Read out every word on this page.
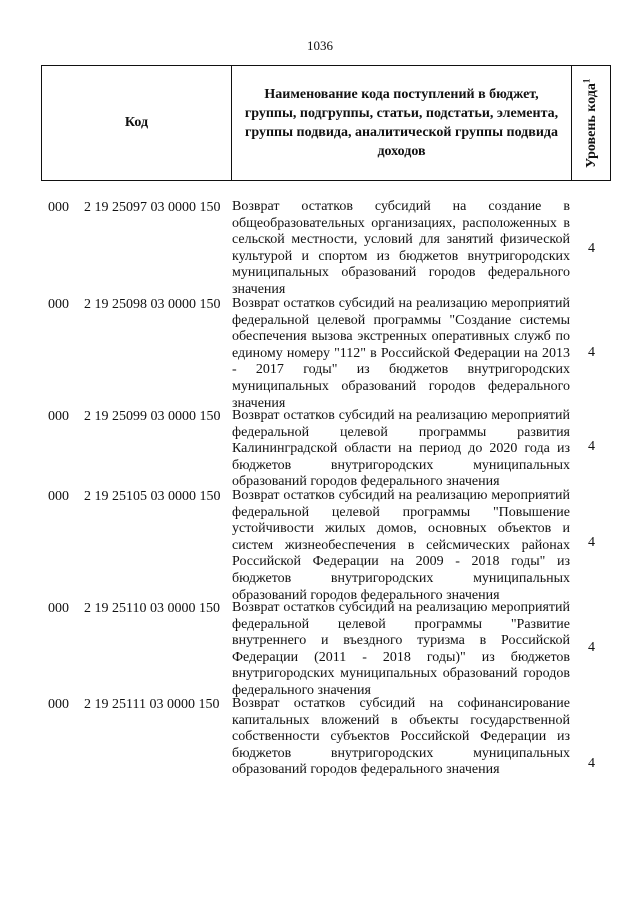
1036
Код
Наименование кода поступлений в бюджет, группы, подгруппы, статьи, подстатьи, элемента, группы подвида, аналитической группы подвида доходов	Уровень кода$^1$
000 2 19 25097 03 0000 150 Возврат остатков субсидий на создание в общеобразовательных организациях, расположенных в сельской местности, условий для занятий физической культурой и спортом из бюджетов внутригородских муниципальных образований городов федерального значения
4
000 2 19 25098 03 0000 150 Возврат остатков субсидий на реализацию мероприятий федеральной целевой программы "Создание системы обеспечения вызова экстренных оперативных служб по единому номеру "112" в Российской Федерации на 2013 - 2017 годы" из бюджетов внутригородских муниципальных образований городов федерального значения
4
000 2 19 25099 03 0000 150 Возврат остатков субсидий на реализацию мероприятий федеральной целевой программы развития Калининградской области на период до 2020 года из бюджетов внутригородских муниципальных образований городов федерального значения
4
000 2 19 25105 03 0000 150 Возврат остатков субсидий на реализацию мероприятий федеральной целевой программы "Повышение устойчивости жилых домов, основных объектов и систем жизнеобеспечения в сейсмических районах Российской Федерации на 2009 - 2018 годы" из бюджетов внутригородских муниципальных образований городов федерального значения
4
000 2 19 25110 03 0000 150 Возврат остатков субсидий на реализацию мероприятий федеральной целевой программы "Развитие внутреннего и въездного туризма в Российской Федерации (2011 - 2018 годы)" из бюджетов внутригородских муниципальных образований городов федерального значения
4
000 2 19 25111 03 0000 150 Возврат остатков субсидий на софинансирование капитальных вложений в объекты государственной собственности субъектов Российской Федерации из бюджетов внутригородских муниципальных образований городов федерального значения	4
